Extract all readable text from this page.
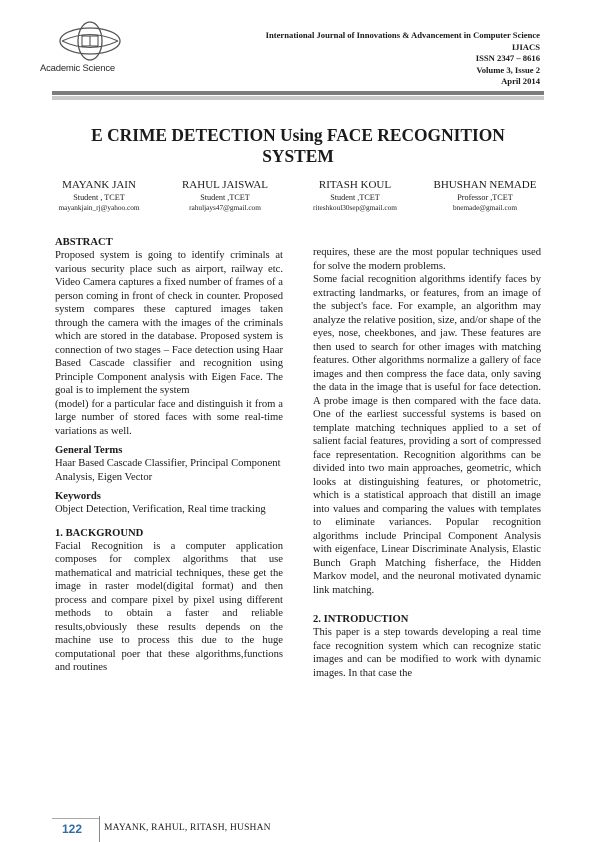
Academic Science
International Journal of Innovations & Advancement in Computer Science
IJIACS
ISSN 2347 – 8616
Volume 3, Issue 2
April 2014
E CRIME DETECTION Using FACE RECOGNITION
SYSTEM
MAYANK JAIN
Student , TCET
mayankjain_rj@yahoo.com
RAHUL JAISWAL
Student ,TCET
rahuljays47@gmail.com
RITASH KOUL
Student ,TCET
riteshkoul30sep@gmail.com
BHUSHAN NEMADE
Professor ,TCET
bnemade@gmail.com
ABSTRACT

Proposed system is going to identify criminals at various security place such as airport, railway etc. Video Camera captures a fixed number of frames of a person coming in front of check in counter. Proposed system compares these captured images taken through the camera with the images of the criminals which are stored in the database. Proposed system is connection of two stages – Face detection using Haar Based Cascade classifier and recognition using Principle Component analysis with Eigen Face. The goal is to implement the system

(model) for a particular face and distinguish it from a large number of stored faces with some real-time variations as well.

General Terms

Haar Based Cascade Classifier, Principal Component Analysis, Eigen Vector

Keywords

Object Detection, Verification, Real time tracking

1. BACKGROUND

Facial Recognition is a computer application composes for complex algorithms that use mathematical and matricial techniques, these get the image in raster model(digital format) and then process and compare pixel by pixel using different methods to obtain a faster and reliable results,obviously these results depends on the machine use to process this due to the huge computational poer that these algorithms,functions and routines

requires, these are the most popular techniques used for solve the modern problems.

Some facial recognition algorithms identify faces by extracting landmarks, or features, from an image of the subject's face. For example, an algorithm may analyze the relative position, size, and/or shape of the eyes, nose, cheekbones, and jaw. These features are then used to search for other images with matching features. Other algorithms normalize a gallery of face images and then compress the face data, only saving the data in the image that is useful for face detection. A probe image is then compared with the face data. One of the earliest successful systems is based on template matching techniques applied to a set of salient facial features, providing a sort of compressed face representation. Recognition algorithms can be divided into two main approaches, geometric, which looks at distinguishing features, or photometric, which is a statistical approach that distill an image into values and comparing the values with templates to eliminate variances. Popular recognition algorithms include Principal Component Analysis with eigenface, Linear Discriminate Analysis, Elastic Bunch Graph Matching fisherface, the Hidden Markov model, and the neuronal motivated dynamic link matching.

2. INTRODUCTION

This paper is a step towards developing a real time face recognition system which can recognize static images and can be modified to work with dynamic images. In that case the

122 MAYANK, RAHUL, RITASH, HUSHAN
